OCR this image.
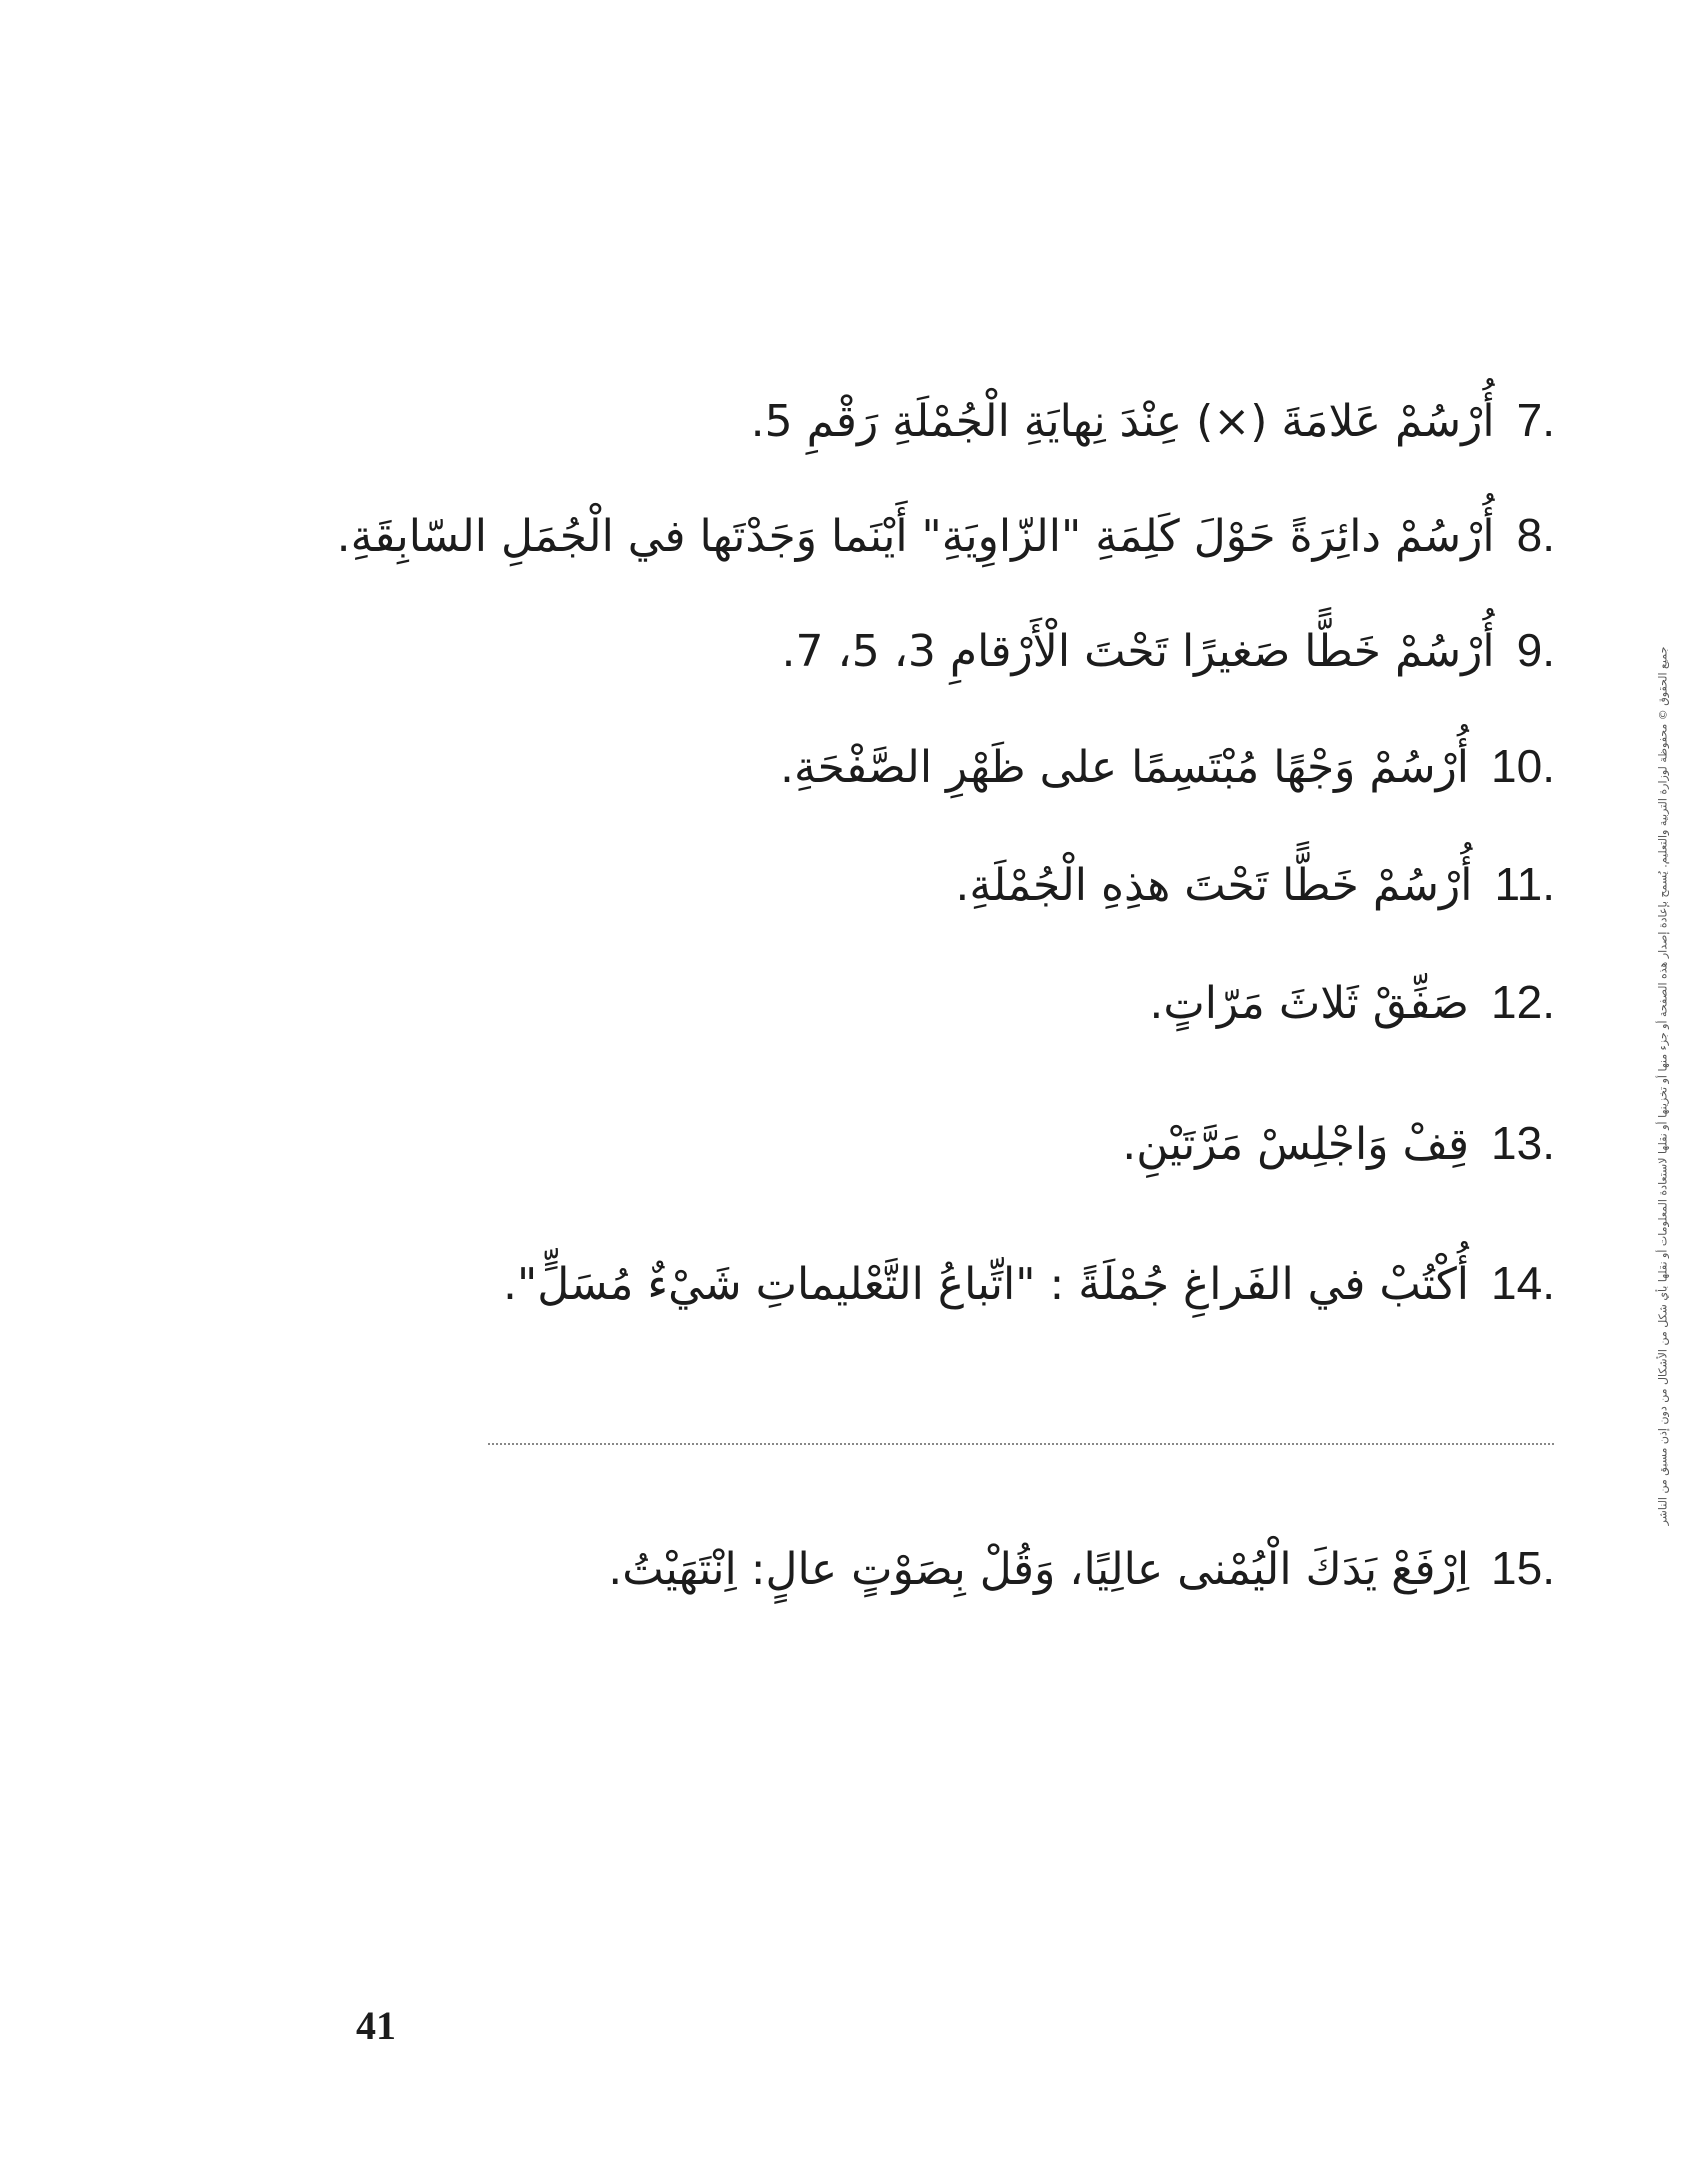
7.أُرْسُمْ عَلامَةَ (×) عِنْدَ نِهايَةِ الْجُمْلَةِ رَقْمِ 5.
8.أُرْسُمْ دائِرَةً حَوْلَ كَلِمَةِ "الزّاوِيَةِ" أَيْنَما وَجَدْتَها في الْجُمَلِ السّابِقَةِ.
9.أُرْسُمْ خَطًّا صَغيرًا تَحْتَ الْأَرْقامِ 3، 5، 7.
10.أُرْسُمْ وَجْهًا مُبْتَسِمًا على ظَهْرِ الصَّفْحَةِ.
11.أُرْسُمْ خَطًّا تَحْتَ هذِهِ الْجُمْلَةِ.
12.صَفِّقْ ثَلاثَ مَرّاتٍ.
13.قِفْ وَاجْلِسْ مَرَّتَيْنِ.
14.أُكْتُبْ في الفَراغِ جُمْلَةً : "اتِّباعُ التَّعْليماتِ شَيْءٌ مُسَلٍّ".
15.اِرْفَعْ يَدَكَ الْيُمْنى عالِيًا، وَقُلْ بِصَوْتٍ عالٍ: اِنْتَهَيْتُ.
جميع الحقوق © محفوظة لوزارة التربية والتعليم. يُسمح بإعادة إصدار هذه الصفحة أو جزء منها أو تخزينها أو نقلها لاستعادة المعلومات أو نقلها بأي شكل من الأشكال من دون إذن مسبق من الناشر
41
